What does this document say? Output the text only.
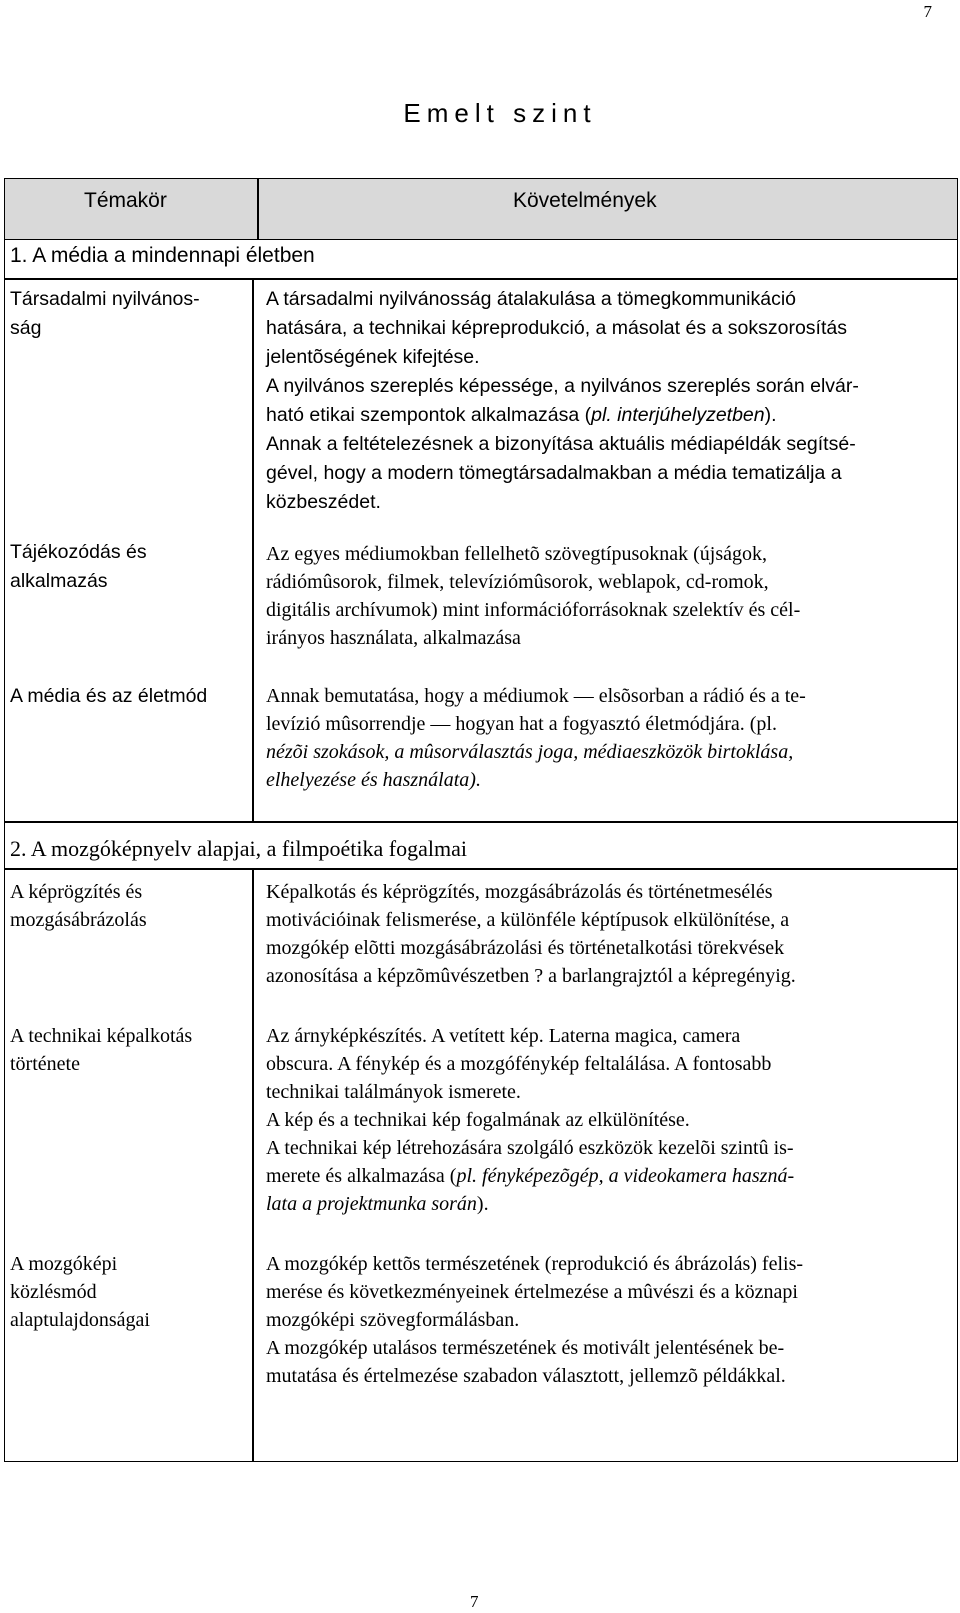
7
Emelt szint
Témakör	Követelmények
1. A média a mindennapi életben
Társadalmi nyilvános-
ság

A társadalmi nyilvánosság átalakulása a tömegkommunikáció
hatására, a technikai képreprodukció, a másolat és a sokszorosítás
jelentõségének kifejtése.

A nyilvános szereplés képessége, a nyilvános szereplés során elvár-
ható etikai szempontok alkalmazása (pl. interjúhelyzetben).

Annak a feltételezésnek a bizonyítása aktuális médiapéldák segítsé-
gével, hogy a modern tömegtársadalmakban a média tematizálja a
közbeszédet.

Tájékozódás és
alkalmazás
Az egyes médiumokban fellelhetõ szövegtípusoknak (újságok,
rádiómûsorok, filmek, televíziómûsorok, weblapok, cd-romok,
digitális archívumok) mint információforrásoknak szelektív és cél-
irányos használata, alkalmazása
A média és az életmód	Annak bemutatása, hogy a médiumok — elsõsorban a rádió és a te-
levízió mûsorrendje — hogyan hat a fogyasztó életmódjára. (pl.
nézõi szokások, a mûsorválasztás joga, médiaeszközök birtoklása,
elhelyezése és használata).
2. A mozgóképnyelv alapjai, a filmpoétika fogalmai
A képrögzítés és
mozgásábrázolás
Képalkotás és képrögzítés, mozgásábrázolás és történetmesélés
motivációinak felismerése, a különféle képtípusok elkülönítése, a
mozgókép elõtti mozgásábrázolási és történetalkotási törekvések
azonosítása a képzõmûvészetben ? a barlangrajztól a képregényig.
A technikai képalkotás
története
Az árnyképkészítés. A vetített kép. Laterna magica, camera
obscura. A fénykép és a mozgófénykép feltalálása. A fontosabb
technikai találmányok ismerete.
A kép és a technikai kép fogalmának az elkülönítése.
A technikai kép létrehozására szolgáló eszközök kezelõi szintû is-
merete és alkalmazása (pl. fényképezõgép, a videokamera haszná-
lata a projektmunka során).
A mozgóképi
közlésmód
alaptulajdonságai
A mozgókép kettõs természetének (reprodukció és ábrázolás) felis-
merése és következményeinek értelmezése a mûvészi és a köznapi
mozgóképi szövegformálásban.
A mozgókép utalásos természetének és motivált jelentésének be-
mutatása és értelmezése szabadon választott, jellemzõ példákkal.
7
